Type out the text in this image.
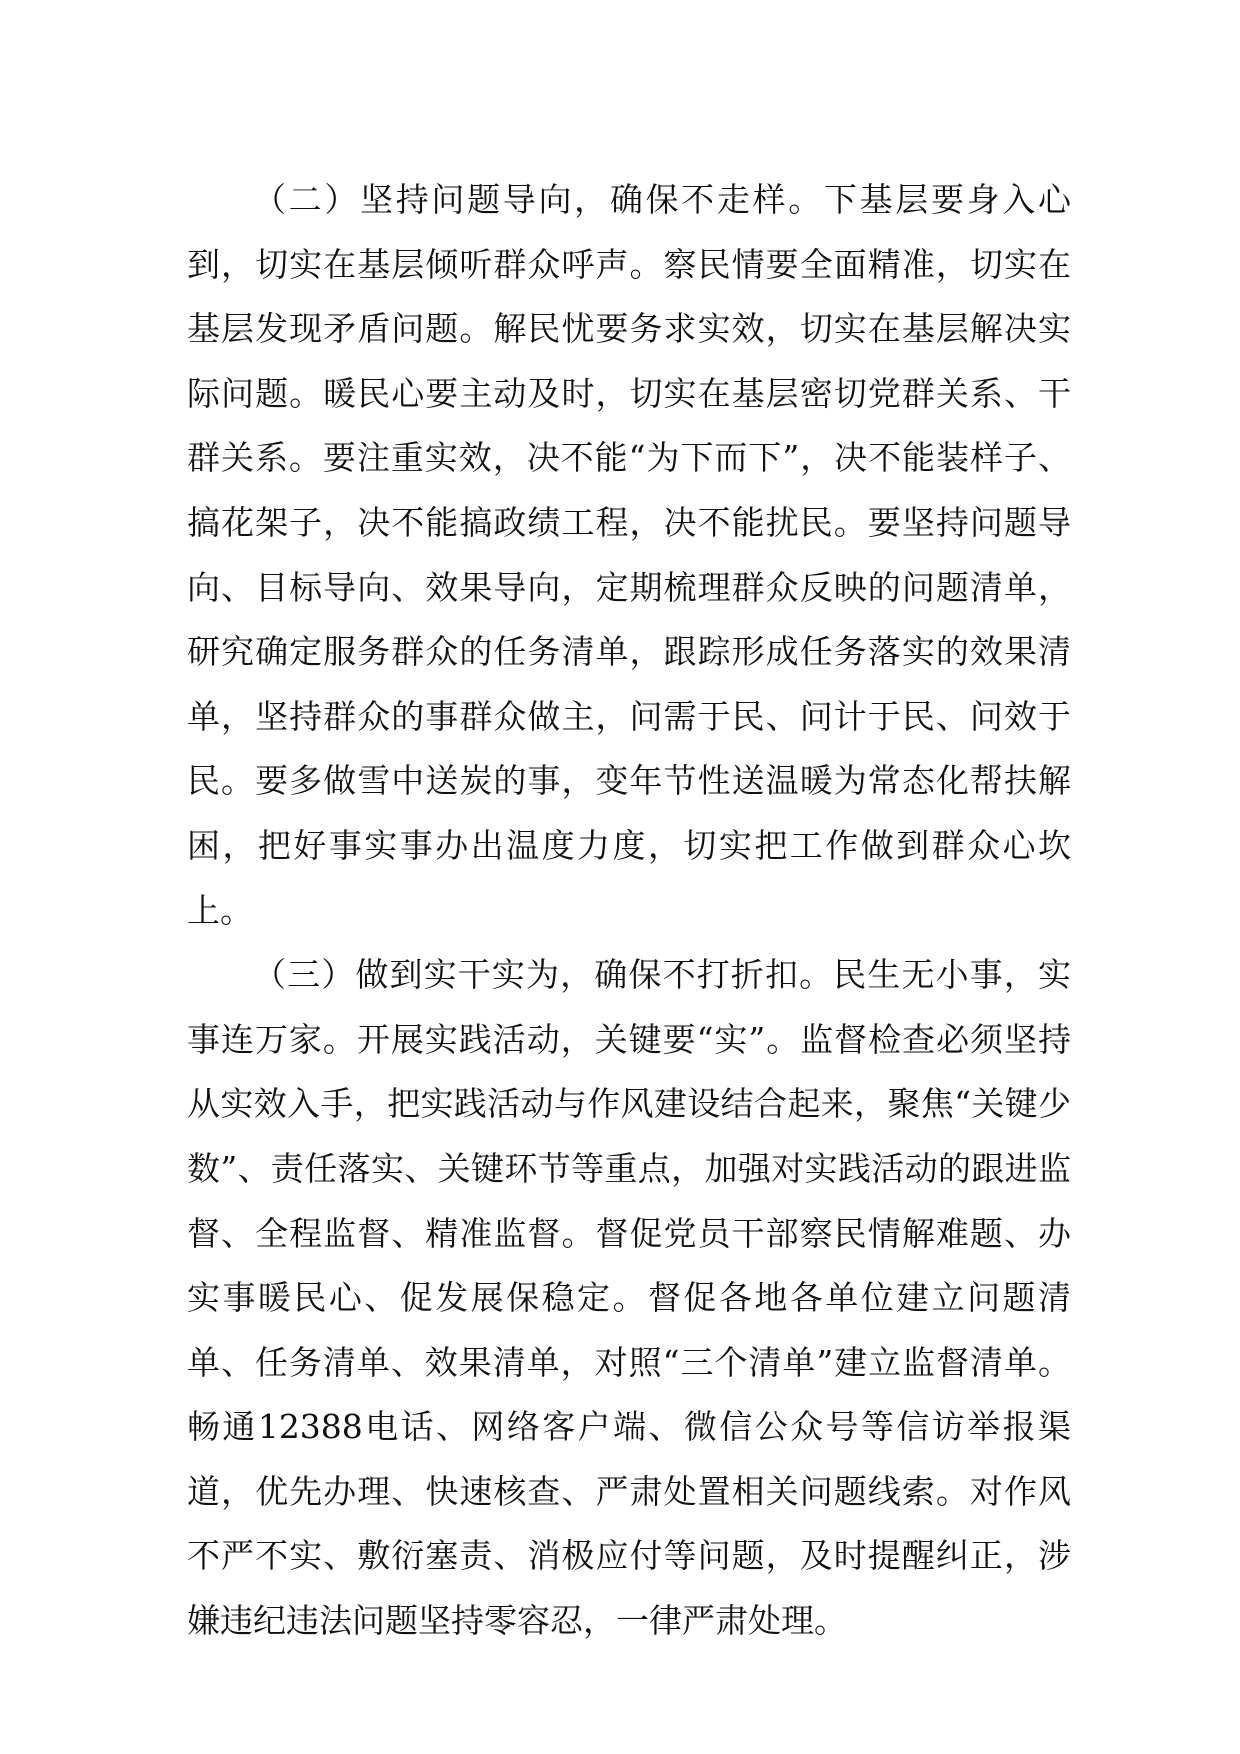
（二）坚持问题导向，确保不走样。下基层要身入心到，切实在基层倾听群众呼声。察民情要全面精准，切实在基层发现矛盾问题。解民忧要务求实效，切实在基层解决实际问题。暖民心要主动及时，切实在基层密切党群关系、干群关系。要注重实效，决不能“为下而下”，决不能装样子、搞花架子，决不能搞政绩工程，决不能扰民。要坚持问题导向、目标导向、效果导向，定期梳理群众反映的问题清单，研究确定服务群众的任务清单，跟踪形成任务落实的效果清单，坚持群众的事群众做主，问需于民、问计于民、问效于民。要多做雪中送炭的事，变年节性送温暖为常态化帮扶解困，把好事实事办出温度力度，切实把工作做到群众心坎上。

（三）做到实干实为，确保不打折扣。民生无小事，实事连万家。开展实践活动，关键要“实”。监督检查必须坚持从实效入手，把实践活动与作风建设结合起来，聚焦“关键少数”、责任落实、关键环节等重点，加强对实践活动的跟进监督、全程监督、精准监督。督促党员干部察民情解难题、办实事暖民心、促发展保稳定。督促各地各单位建立问题清单、任务清单、效果清单，对照“三个清单”建立监督清单。畅通12388电话、网络客户端、微信公众号等信访举报渠道，优先办理、快速核查、严肃处置相关问题线索。对作风不严不实、敷衍塞责、消极应付等问题，及时提醒纠正，涉嫌违纪违法问题坚持零容忍，一律严肃处理。
